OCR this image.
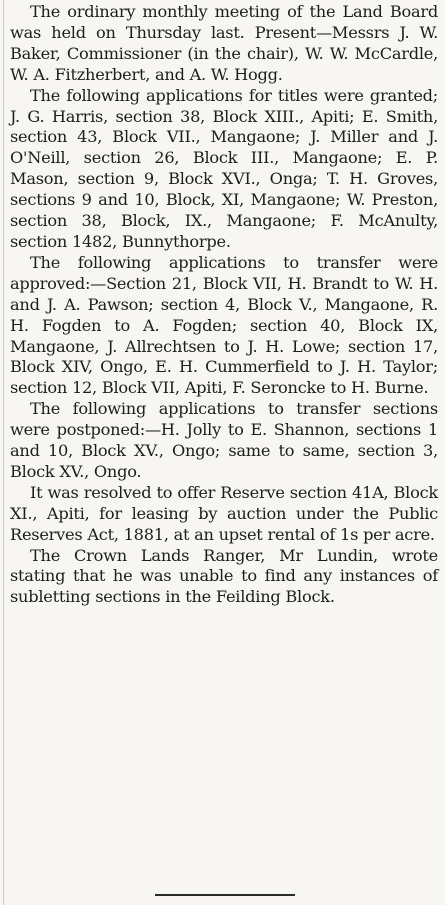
The ordinary monthly meeting of the Land Board was held on Thursday last. Present—Messrs J. W. Baker, Commissioner (in the chair), W. W. McCardle, W. A. Fitzherbert, and A. W. Hogg.

The following applications for titles were granted; J. G. Harris, section 38, Block XIII., Apiti; E. Smith, section 43, Block VII., Mangaone; J. Miller and J. O'Neill, section 26, Block III., Mangaone; E. P. Mason, section 9, Block XVI., Onga; T. H. Groves, sections 9 and 10, Block, XI, Mangaone; W. Preston, section 38, Block, IX., Mangaone; F. McAnulty, section 1482, Bunnythorpe.

The following applications to transfer were approved:—Section 21, Block VII, H. Brandt to W. H. and J. A. Pawson; section 4, Block V., Mangaone, R. H. Fogden to A. Fogden; section 40, Block IX, Mangaone, J. Allrechtsen to J. H. Lowe; section 17, Block XIV, Ongo, E. H. Cummerfield to J. H. Taylor; section 12, Block VII, Apiti, F. Seroncke to H. Burne.

The following applications to transfer sections were postponed:—H. Jolly to E. Shannon, sections 1 and 10, Block XV., Ongo; same to same, section 3, Block XV., Ongo.

It was resolved to offer Reserve section 41A, Block XI., Apiti, for leasing by auction under the Public Reserves Act, 1881, at an upset rental of 1s per acre.

The Crown Lands Ranger, Mr Lundin, wrote stating that he was unable to find any instances of subletting sections in the Feilding Block.
